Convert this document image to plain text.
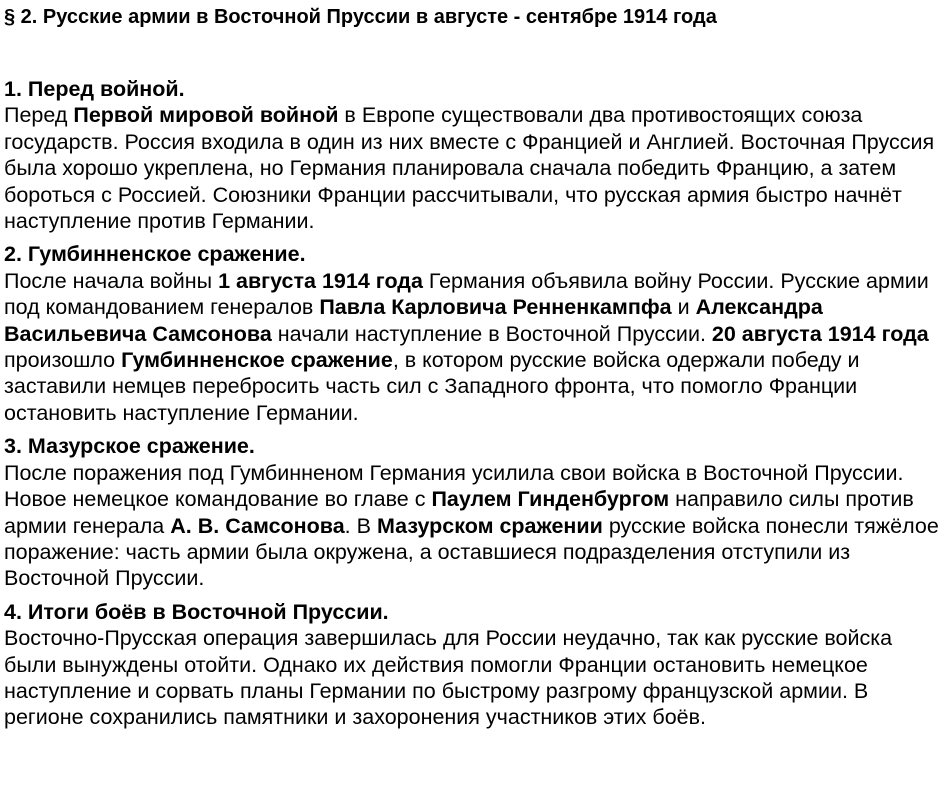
§ 2. Русские армии в Восточной Пруссии в августе - сентябре 1914 года

1. Перед войной.

Перед Первой мировой войной в Европе существовали два противостоящих союза государств. Россия входила в один из них вместе с Францией и Англией. Восточная Пруссия была хорошо укреплена, но Германия планировала сначала победить Францию, а затем бороться с Россией. Союзники Франции рассчитывали, что русская армия быстро начнёт наступление против Германии.

2. Гумбинненское сражение.

После начала войны 1 августа 1914 года Германия объявила войну России. Русские армии под командованием генералов Павла Карловича Ренненкампфа и Александра Васильевича Самсонова начали наступление в Восточной Пруссии. 20 августа 1914 года произошло Гумбинненское сражение, в котором русские войска одержали победу и заставили немцев перебросить часть сил с Западного фронта, что помогло Франции остановить наступление Германии.

3. Мазурское сражение.

После поражения под Гумбинненом Германия усилила свои войска в Восточной Пруссии. Новое немецкое командование во главе с Паулем Гинденбургом направило силы против армии генерала А. В. Самсонова. В Мазурском сражении русские войска понесли тяжёлое поражение: часть армии была окружена, а оставшиеся подразделения отступили из Восточной Пруссии.

4. Итоги боёв в Восточной Пруссии.

Восточно-Прусская операция завершилась для России неудачно, так как русские войска были вынуждены отойти. Однако их действия помогли Франции остановить немецкое наступление и сорвать планы Германии по быстрому разгрому французской армии. В регионе сохранились памятники и захоронения участников этих боёв.
